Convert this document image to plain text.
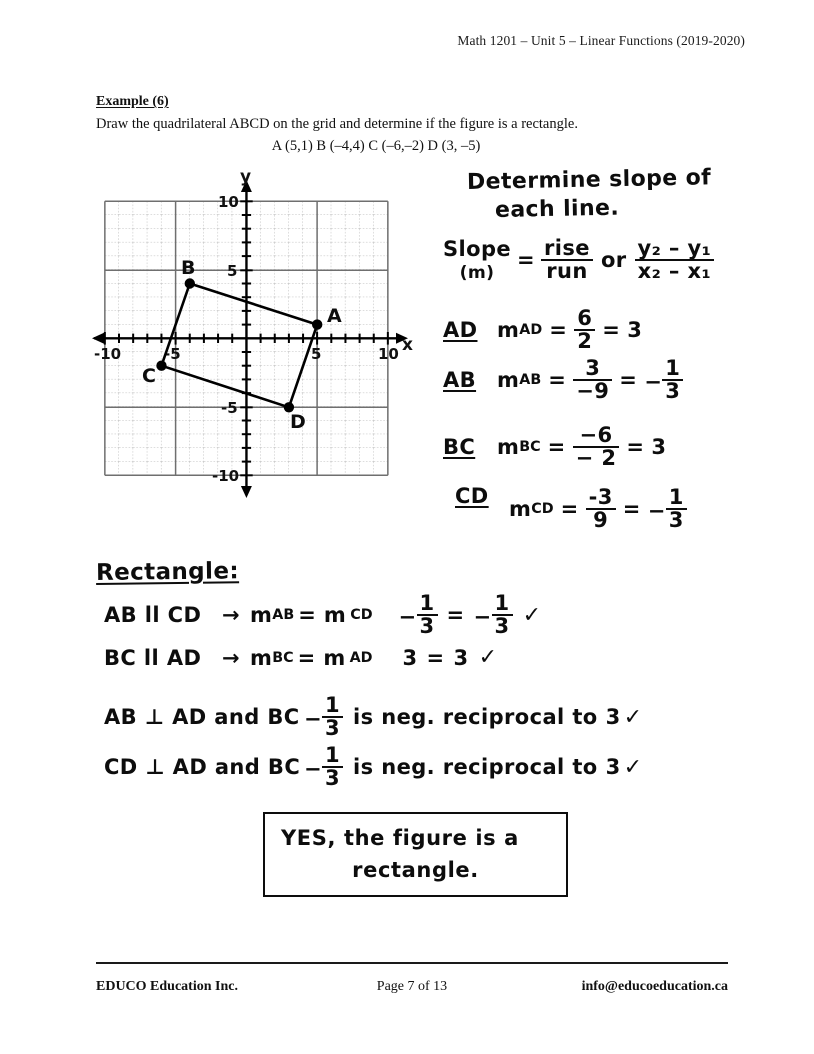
Math 1201 – Unit 5 – Linear Functions (2019-2020)
Example (6)
Draw the quadrilateral ABCD on the grid and determine if the figure is a rectangle.
A (5,1) B (–4,4) C (–6,–2) D (3, –5)
-10	5	10
-5
10
5
-5
-10
y
x
A
B
C
D
Determine slope of
each line.
Slope
(m)
= $\frac{\text{rise}}{\text{run}}$ or $\frac{\text{y₂ – y₁}}{\text{x₂ – x₁}}$
AD m AD = $\frac{6}{2} = 3$
AB m AB = $\frac{3}{-9}$ = − $\frac{1}{3}$
BC	m BC = $\frac{-6}{- 2} = 3$
CD
m CD = $\frac{-3}{9}$ = − $\frac{1}{3}$
Rectangle:
AB ll CD → m AB = m CD	− $\frac{1}{3}$ = − $\frac{1}{3}$ ✓
BC ll AD → m BC = m AD	3 = 3 ✓
AB ⊥ AD and BC − $\frac{1}{3}$ is neg. reciprocal to 3 ✓
CD ⊥ AD and BC − $\frac{1}{3}$ is neg. reciprocal to 3 ✓
YES, the figure is a
rectangle.
EDUCO Education Inc.	Page 7 of 13	info@educoeducation.ca
